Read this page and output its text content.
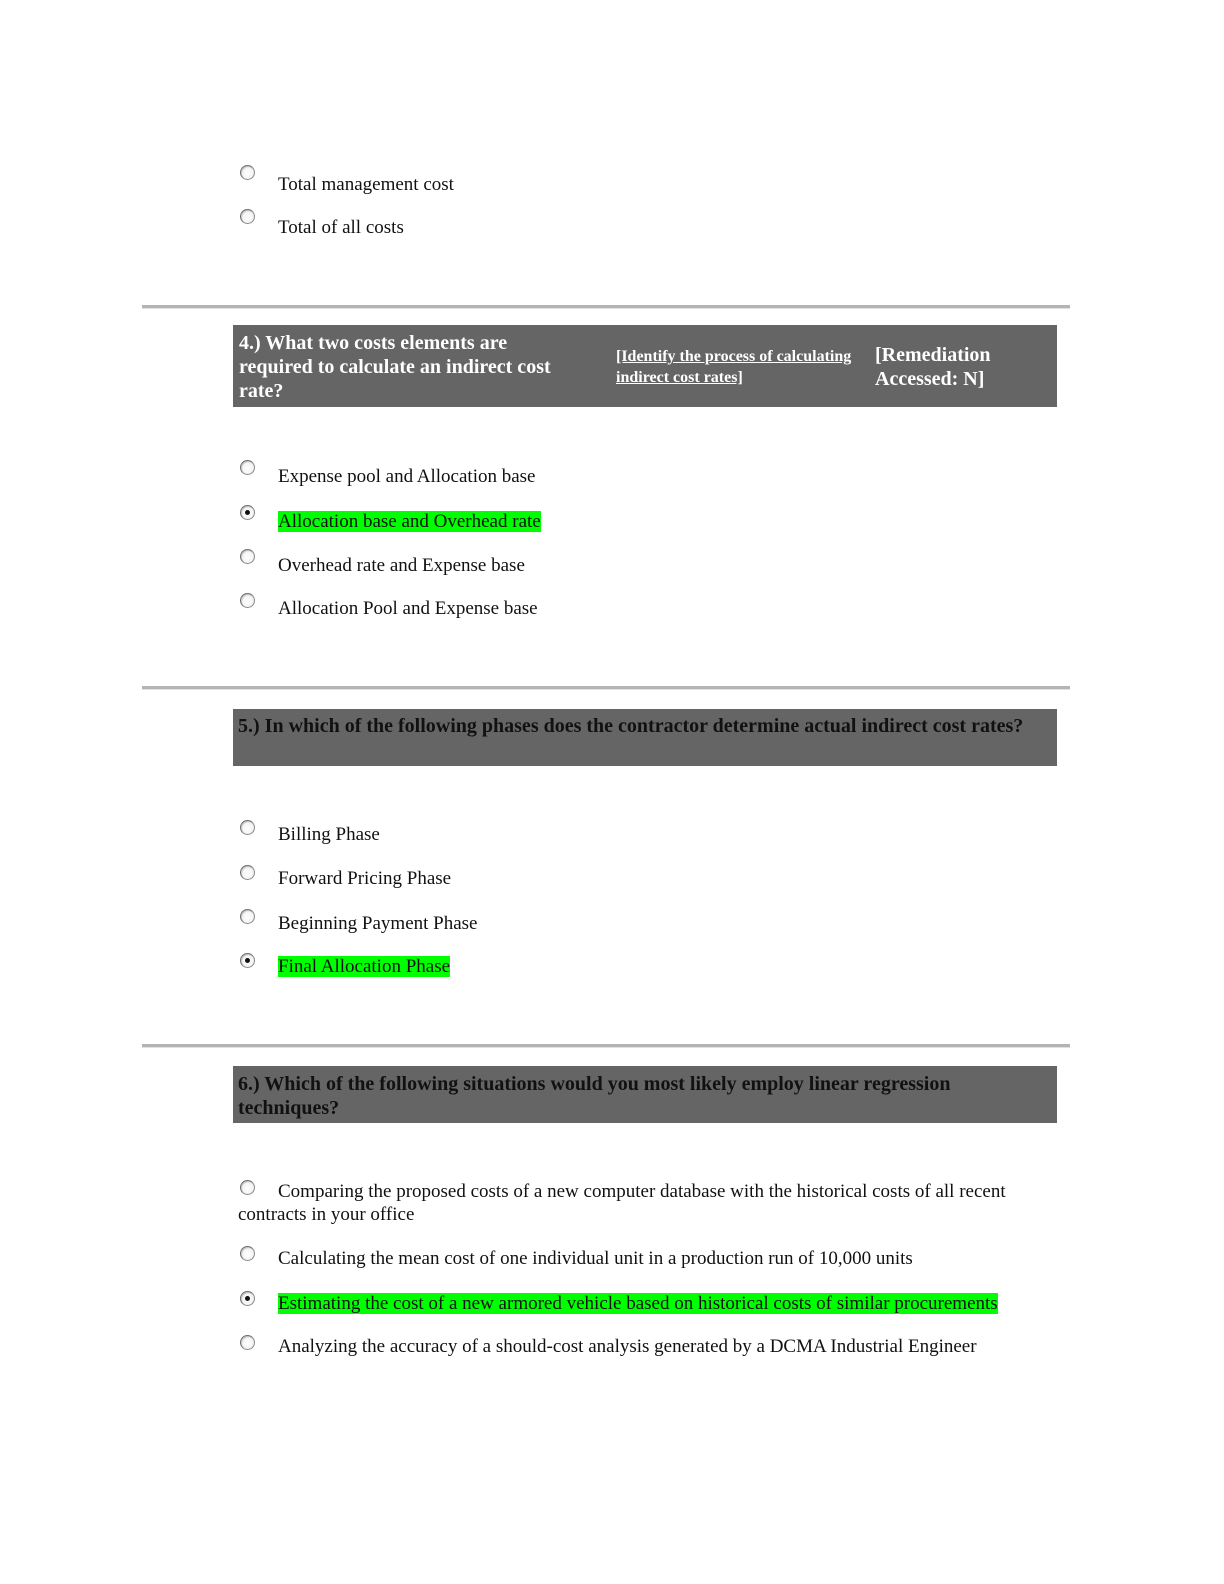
Total management cost
Total of all costs
4.) What two costs elements are required to calculate an indirect cost rate?
[Identify the process of calculating indirect cost rates]
[Remediation Accessed: N]
Expense pool and Allocation base
Allocation base and Overhead rate
Overhead rate and Expense base
Allocation Pool and Expense base
5.) In which of the following phases does the contractor determine actual indirect cost rates?
Billing Phase
Forward Pricing Phase
Beginning Payment Phase
Final Allocation Phase
6.) Which of the following situations would you most likely employ linear regression techniques?
Comparing the proposed costs of a new computer database with the historical costs of all recent contracts in your office
Calculating the mean cost of one individual unit in a production run of 10,000 units
Estimating the cost of a new armored vehicle based on historical costs of similar procurements
Analyzing the accuracy of a should-cost analysis generated by a DCMA Industrial Engineer
